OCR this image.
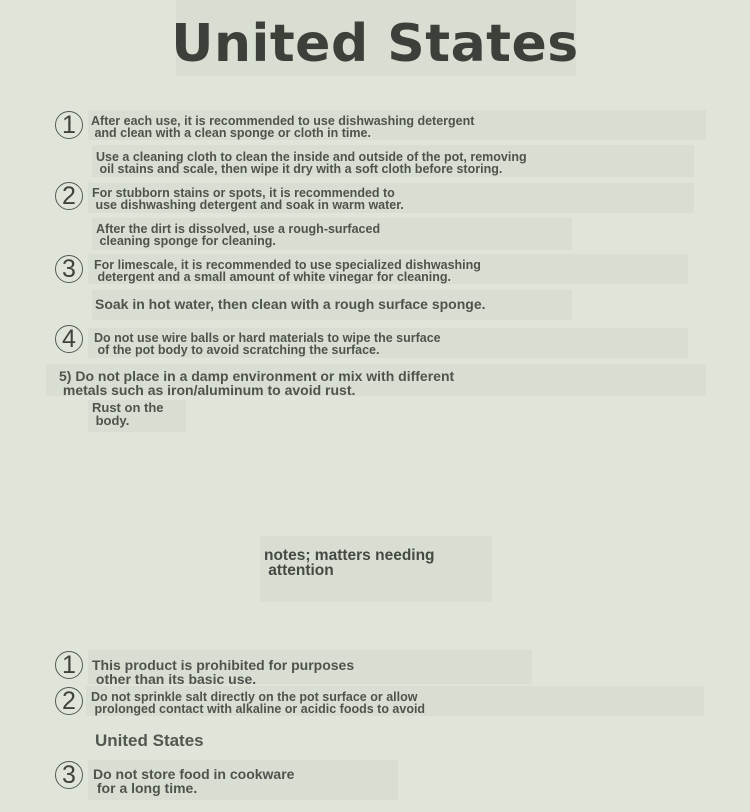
United States
1	After each use, it is recommended to use dishwashing detergent
and clean with a clean sponge or cloth in time.
Use a cleaning cloth to clean the inside and outside of the pot, removing
oil stains and scale, then wipe it dry with a soft cloth before storing.
2	For stubborn stains or spots, it is recommended to
use dishwashing detergent and soak in warm water.
After the dirt is dissolved, use a rough-surfaced
cleaning sponge for cleaning.
3	For limescale, it is recommended to use specialized dishwashing
detergent and a small amount of white vinegar for cleaning.
Soak in hot water, then clean with a rough surface sponge.
4	Do not use wire balls or hard materials to wipe the surface
of the pot body to avoid scratching the surface.
5) Do not place in a damp environment or mix with different
metals such as iron/aluminum to avoid rust.
Rust on the
body.
notes; matters needing
attention
1	This product is prohibited for purposes
other than its basic use.
2	Do not sprinkle salt directly on the pot surface or allow
prolonged contact with alkaline or acidic foods to avoid
United States
3	Do not store food in cookware
for a long time.
